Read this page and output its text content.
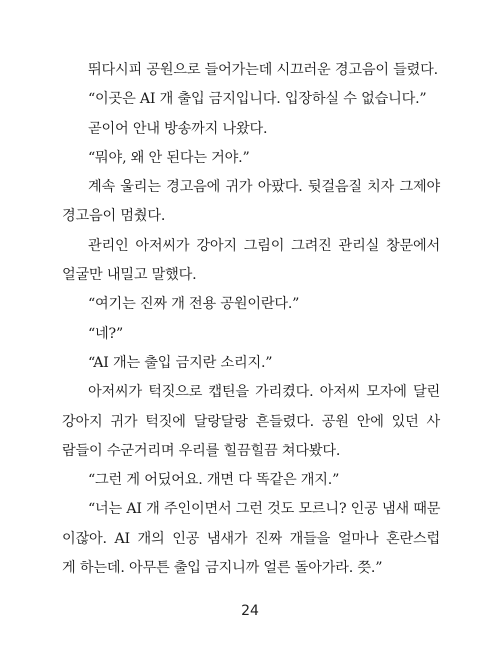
뛰다시피 공원으로 들어가는데 시끄러운 경고음이 들렸다.
“이곳은 AI 개 출입 금지입니다. 입장하실 수 없습니다.”
곧이어 안내 방송까지 나왔다.
“뭐야, 왜 안 된다는 거야.”
계속 울리는 경고음에 귀가 아팠다. 뒷걸음질 치자 그제야
경고음이 멈췄다.
관리인 아저씨가 강아지 그림이 그려진 관리실 창문에서
얼굴만 내밀고 말했다.
“여기는 진짜 개 전용 공원이란다.”
“네?”
“AI 개는 출입 금지란 소리지.”
아저씨가 턱짓으로 캡틴을 가리켰다. 아저씨 모자에 달린
강아지 귀가 턱짓에 달랑달랑 흔들렸다. 공원 안에 있던 사
람들이 수군거리며 우리를 힐끔힐끔 쳐다봤다.
“그런 게 어딨어요. 개면 다 똑같은 개지.”
“너는 AI 개 주인이면서 그런 것도 모르니? 인공 냄새 때문
이잖아. AI 개의 인공 냄새가 진짜 개들을 얼마나 혼란스럽
게 하는데. 아무튼 출입 금지니까 얼른 돌아가라. 쯧.”
24
